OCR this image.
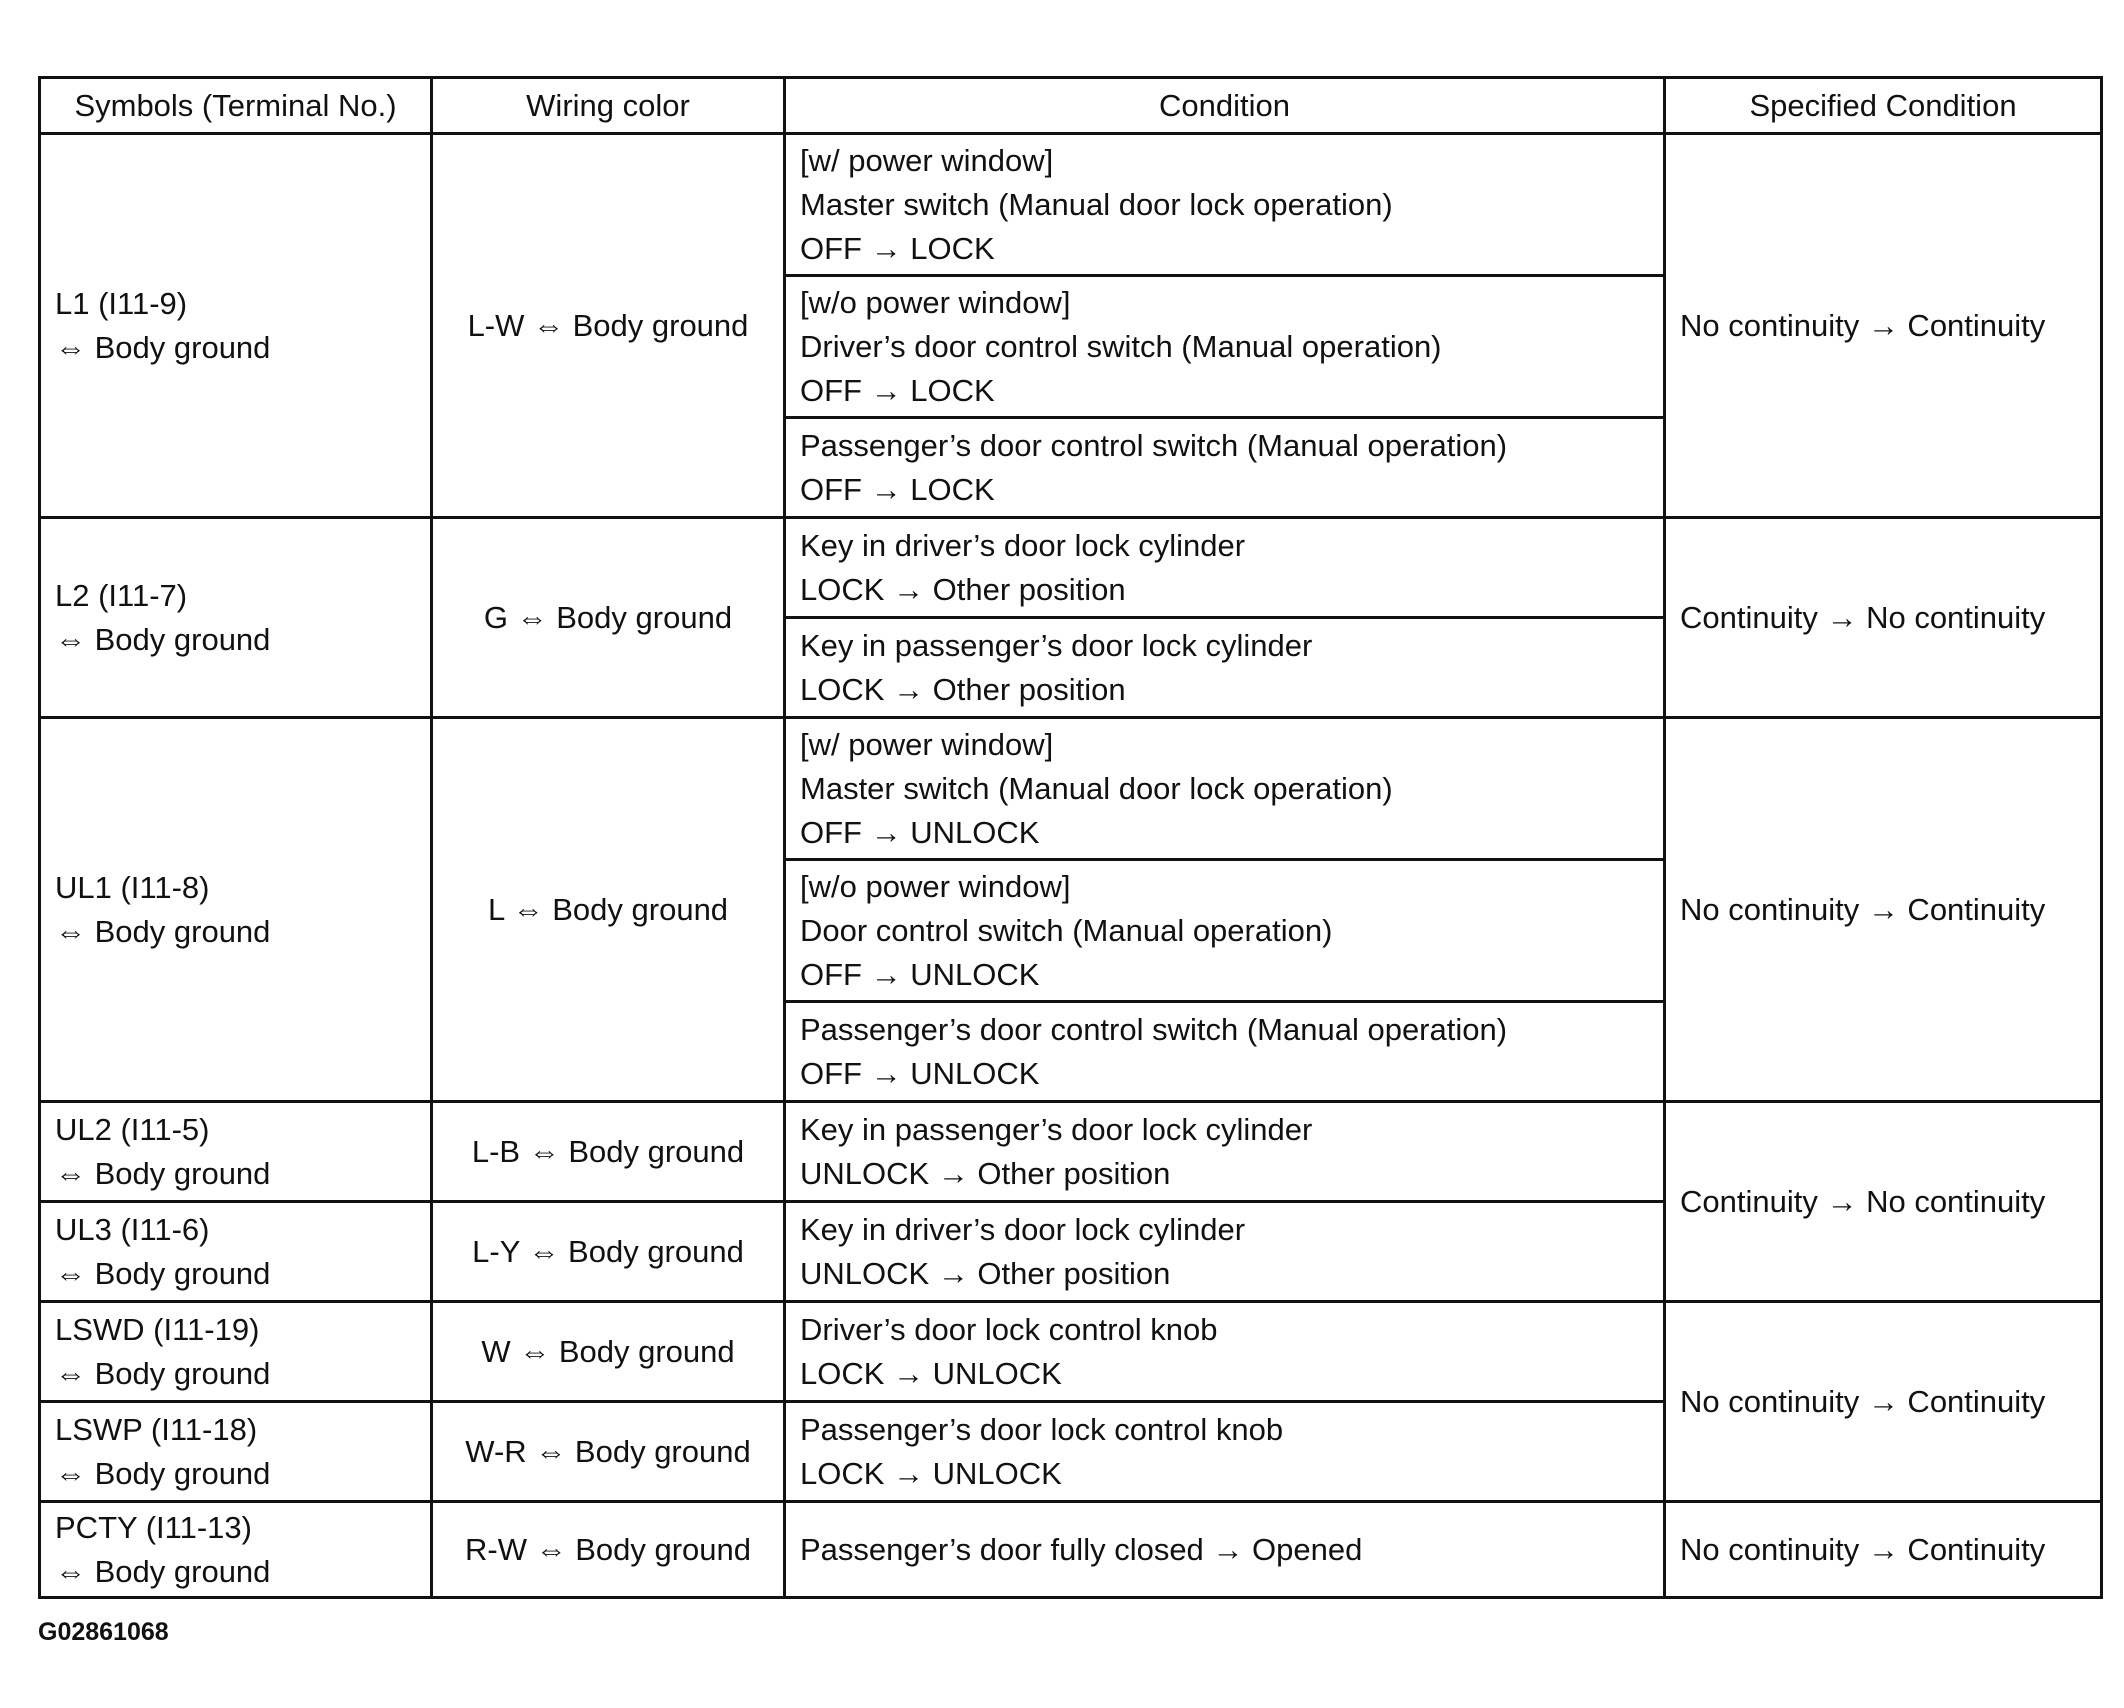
Symbols (Terminal No.)	Wiring color	Condition	Specified Condition

L1 (I11-9)
⇔ Body ground	L-W ⇔ Body ground	[w/ power window]
Master switch (Manual door lock operation)
OFF → LOCK	No continuity → Continuity

		[w/o power window]
Driver’s door control switch (Manual operation)
OFF → LOCK	

		Passenger’s door control switch (Manual operation)
OFF → LOCK	

L2 (I11-7)
⇔ Body ground	G ⇔ Body ground	Key in driver’s door lock cylinder
LOCK → Other position	Continuity → No continuity

		Key in passenger’s door lock cylinder
LOCK → Other position	

UL1 (I11-8)
⇔ Body ground	L ⇔ Body ground	[w/ power window]
Master switch (Manual door lock operation)
OFF → UNLOCK	No continuity → Continuity

		[w/o power window]
Door control switch (Manual operation)
OFF → UNLOCK	

		Passenger’s door control switch (Manual operation)
OFF → UNLOCK	

UL2 (I11-5)
⇔ Body ground	L-B ⇔ Body ground	Key in passenger’s door lock cylinder
UNLOCK → Other position	Continuity → No continuity

UL3 (I11-6)
⇔ Body ground	L-Y ⇔ Body ground	Key in driver’s door lock cylinder
UNLOCK → Other position	

LSWD (I11-19)
⇔ Body ground	W ⇔ Body ground	Driver’s door lock control knob
LOCK → UNLOCK	No continuity → Continuity

LSWP (I11-18)
⇔ Body ground	W-R ⇔ Body ground	Passenger’s door lock control knob
LOCK → UNLOCK	

PCTY (I11-13)
⇔ Body ground	R-W ⇔ Body ground	Passenger’s door fully closed → Opened	No continuity → Continuity
G02861068
